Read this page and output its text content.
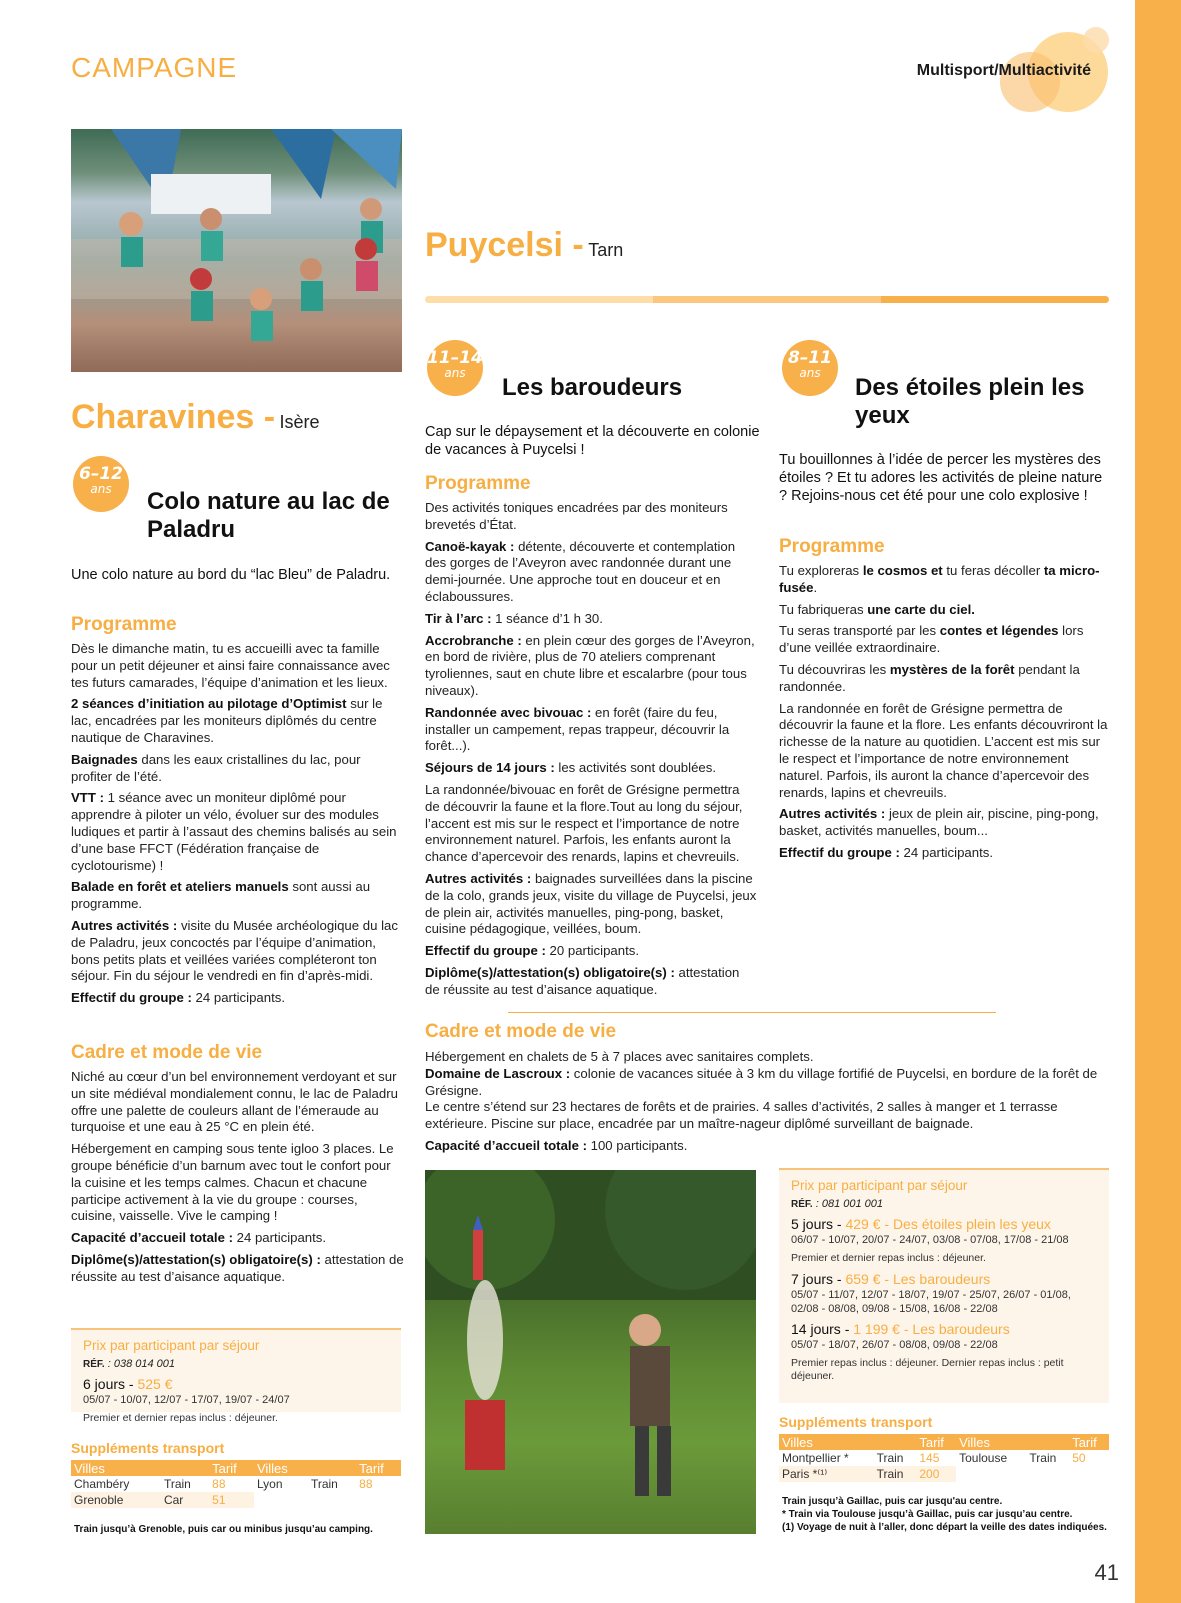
CAMPAGNE	Multisport/Multiactivité
Charavines - Isère
6–12
ans	Colo nature au lac de Paladru
Une colo nature au bord du “lac Bleu” de Paladru.
Programme

Dès le dimanche matin, tu es accueilli avec ta famille pour un petit déjeuner et ainsi faire connaissance avec tes futurs camarades, l’équipe d’animation et les lieux.

2 séances d’initiation au pilotage d’Optimist sur le lac, encadrées par les moniteurs diplômés du centre nautique de Charavines.

Baignades dans les eaux cristallines du lac, pour profiter de l’été.

VTT : 1 séance avec un moniteur diplômé pour apprendre à piloter un vélo, évoluer sur des modules ludiques et partir à l’assaut des chemins balisés au sein d’une base FFCT (Fédération française de cyclotourisme) !

Balade en forêt et ateliers manuels sont aussi au programme.

Autres activités : visite du Musée archéologique du lac de Paladru, jeux concoctés par l’équipe d’animation, bons petits plats et veillées variées compléteront ton séjour. Fin du séjour le vendredi en fin d’après-midi.

Effectif du groupe : 24 participants.

Cadre et mode de vie

Niché au cœur d’un bel environnement verdoyant et sur un site médiéval mondialement connu, le lac de Paladru offre une palette de couleurs allant de l’émeraude au turquoise et une eau à 25 °C en plein été.

Hébergement en camping sous tente igloo 3 places. Le groupe bénéficie d’un barnum avec tout le confort pour la cuisine et les temps calmes. Chacun et chacune participe activement à la vie du groupe : courses, cuisine, vaisselle. Vive le camping !

Capacité d’accueil totale : 24 participants.

Diplôme(s)/attestation(s) obligatoire(s) : attestation de réussite au test d’aisance aquatique.

Prix par participant par séjour
RÉF. : 038 014 001
6 jours - 525 €
05/07 - 10/07, 12/07 - 17/07, 19/07 - 24/07
Premier et dernier repas inclus : déjeuner.
Suppléments transport
Villes		Tarif	Villes		Tarif
Chambéry	Train	88	Lyon	Train	88
Grenoble	Car	51			
Train jusqu’à Grenoble, puis car ou minibus jusqu’au camping.
Puycelsi - Tarn
11–14
ans
Les baroudeurs
Cap sur le dépaysement et la découverte en colonie de vacances à Puycelsi !
Programme

Des activités toniques encadrées par des moniteurs brevetés d’État.

Canoë-kayak : détente, découverte et contemplation des gorges de l’Aveyron avec randonnée durant une demi-journée. Une approche tout en douceur et en éclaboussures.

Tir à l’arc : 1 séance d’1 h 30.

Accrobranche : en plein cœur des gorges de l’Aveyron, en bord de rivière, plus de 70 ateliers comprenant tyroliennes, saut en chute libre et escalarbre (pour tous niveaux).

Randonnée avec bivouac : en forêt (faire du feu, installer un campement, repas trappeur, découvrir la forêt...).

Séjours de 14 jours : les activités sont doublées.

La randonnée/bivouac en forêt de Grésigne permettra de découvrir la faune et la flore.Tout au long du séjour, l’accent est mis sur le respect et l’importance de notre environnement naturel. Parfois, les enfants auront la chance d’apercevoir des renards, lapins et chevreuils.

Autres activités : baignades surveillées dans la piscine de la colo, grands jeux, visite du village de Puycelsi, jeux de plein air, activités manuelles, ping-pong, basket, cuisine pédagogique, veillées, boum.

Effectif du groupe : 20 participants.

Diplôme(s)/attestation(s) obligatoire(s) : attestation de réussite au test d’aisance aquatique.

8–11
ans
Des étoiles plein les yeux
Tu bouillonnes à l’idée de percer les mystères des étoiles ? Et tu adores les activités de pleine nature ? Rejoins-nous cet été pour une colo explosive !
Programme

Tu exploreras le cosmos et tu feras décoller ta micro-fusée.

Tu fabriqueras une carte du ciel.

Tu seras transporté par les contes et légendes lors d’une veillée extraordinaire.

Tu découvriras les mystères de la forêt pendant la randonnée.

La randonnée en forêt de Grésigne permettra de découvrir la faune et la flore. Les enfants découvriront la richesse de la nature au quotidien. L’accent est mis sur le respect et l’importance de notre environnement naturel. Parfois, ils auront la chance d’apercevoir des renards, lapins et chevreuils.

Autres activités : jeux de plein air, piscine, ping-pong, basket, activités manuelles, boum...

Effectif du groupe : 24 participants.

Cadre et mode de vie

Hébergement en chalets de 5 à 7 places avec sanitaires complets.

Domaine de Lascroux : colonie de vacances située à 3 km du village fortifié de Puycelsi, en bordure de la forêt de Grésigne.

Le centre s’étend sur 23 hectares de forêts et de prairies. 4 salles d’activités, 2 salles à manger et 1 terrasse extérieure. Piscine sur place, encadrée par un maître-nageur diplômé surveillant de baignade.

Capacité d’accueil totale : 100 participants.

Prix par participant par séjour
RÉF. : 081 001 001
5 jours - 429 € - Des étoiles plein les yeux
06/07 - 10/07, 20/07 - 24/07, 03/08 - 07/08, 17/08 - 21/08
Premier et dernier repas inclus : déjeuner.
7 jours - 659 € - Les baroudeurs
05/07 - 11/07, 12/07 - 18/07, 19/07 - 25/07, 26/07 - 01/08, 02/08 - 08/08, 09/08 - 15/08, 16/08 - 22/08
14 jours - 1 199 € - Les baroudeurs
05/07 - 18/07, 26/07 - 08/08, 09/08 - 22/08
Premier repas inclus : déjeuner. Dernier repas inclus : petit déjeuner.
Suppléments transport
Villes		Tarif	Villes		Tarif
Montpellier *	Train	145	Toulouse	Train	50
Paris *⁽¹⁾	Train	200			
Train jusqu’à Gaillac, puis car jusqu'au centre.
* Train via Toulouse jusqu’à Gaillac, puis car jusqu’au centre.
(1) Voyage de nuit à l’aller, donc départ la veille des dates indiquées.
41
